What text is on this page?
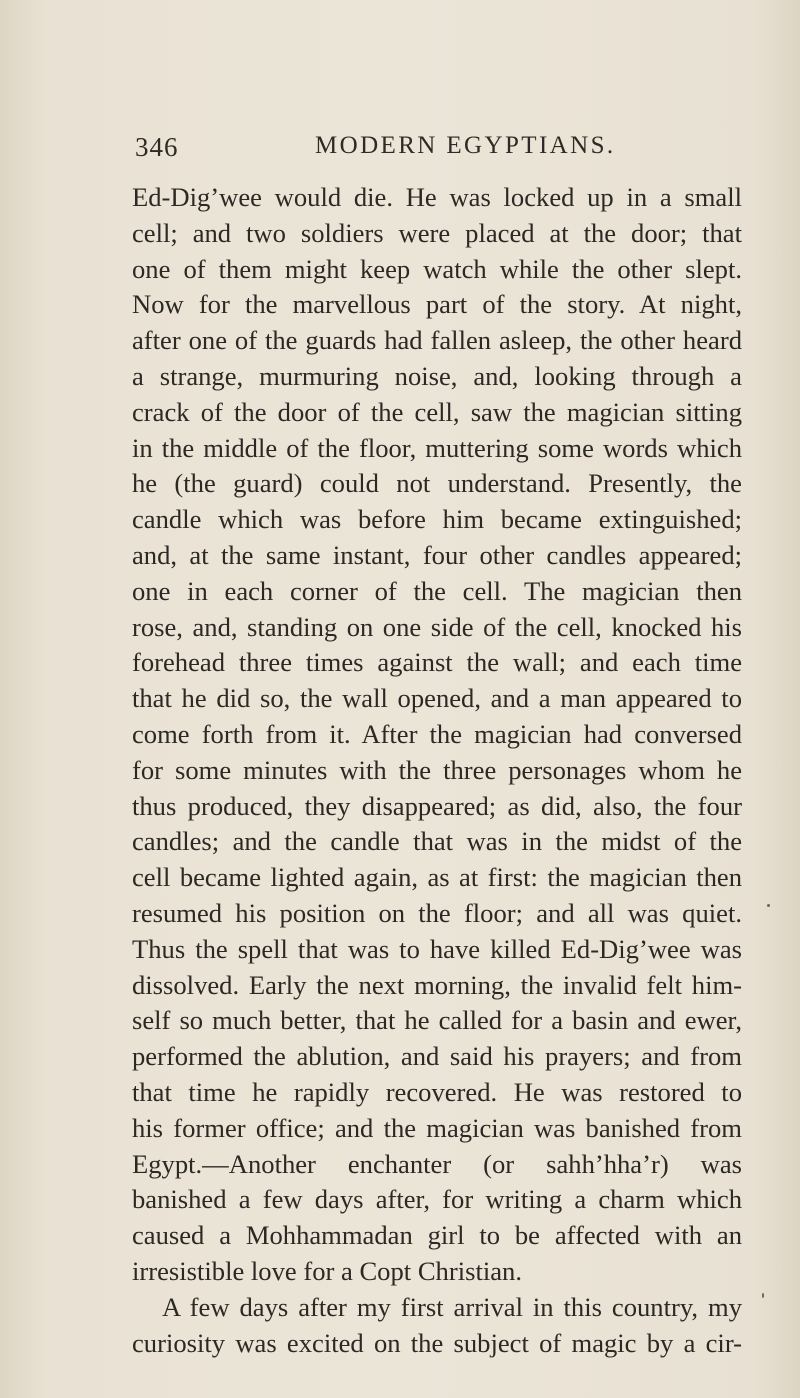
346	MODERN EGYPTIANS.
Ed-Dig’wee would die. He was locked up in a small
cell; and two soldiers were placed at the door; that
one of them might keep watch while the other slept.
Now for the marvellous part of the story. At night,
after one of the guards had fallen asleep, the other heard
a strange, murmuring noise, and, looking through a
crack of the door of the cell, saw the magician sitting
in the middle of the floor, muttering some words which
he (the guard) could not understand. Presently, the
candle which was before him became extinguished;
and, at the same instant, four other candles appeared;
one in each corner of the cell. The magician then
rose, and, standing on one side of the cell, knocked his
forehead three times against the wall; and each time
that he did so, the wall opened, and a man appeared to
come forth from it. After the magician had conversed
for some minutes with the three personages whom he
thus produced, they disappeared; as did, also, the four
candles; and the candle that was in the midst of the
cell became lighted again, as at first: the magician then
resumed his position on the floor; and all was quiet.
Thus the spell that was to have killed Ed-Dig’wee was
dissolved. Early the next morning, the invalid felt him-
self so much better, that he called for a basin and ewer,
performed the ablution, and said his prayers; and from
that time he rapidly recovered. He was restored to
his former office; and the magician was banished from
Egypt.—Another enchanter (or sahh’hha’r) was
banished a few days after, for writing a charm which
caused a Mohhammadan girl to be affected with an
irresistible love for a Copt Christian.
A few days after my first arrival in this country, my
curiosity was excited on the subject of magic by a cir-
